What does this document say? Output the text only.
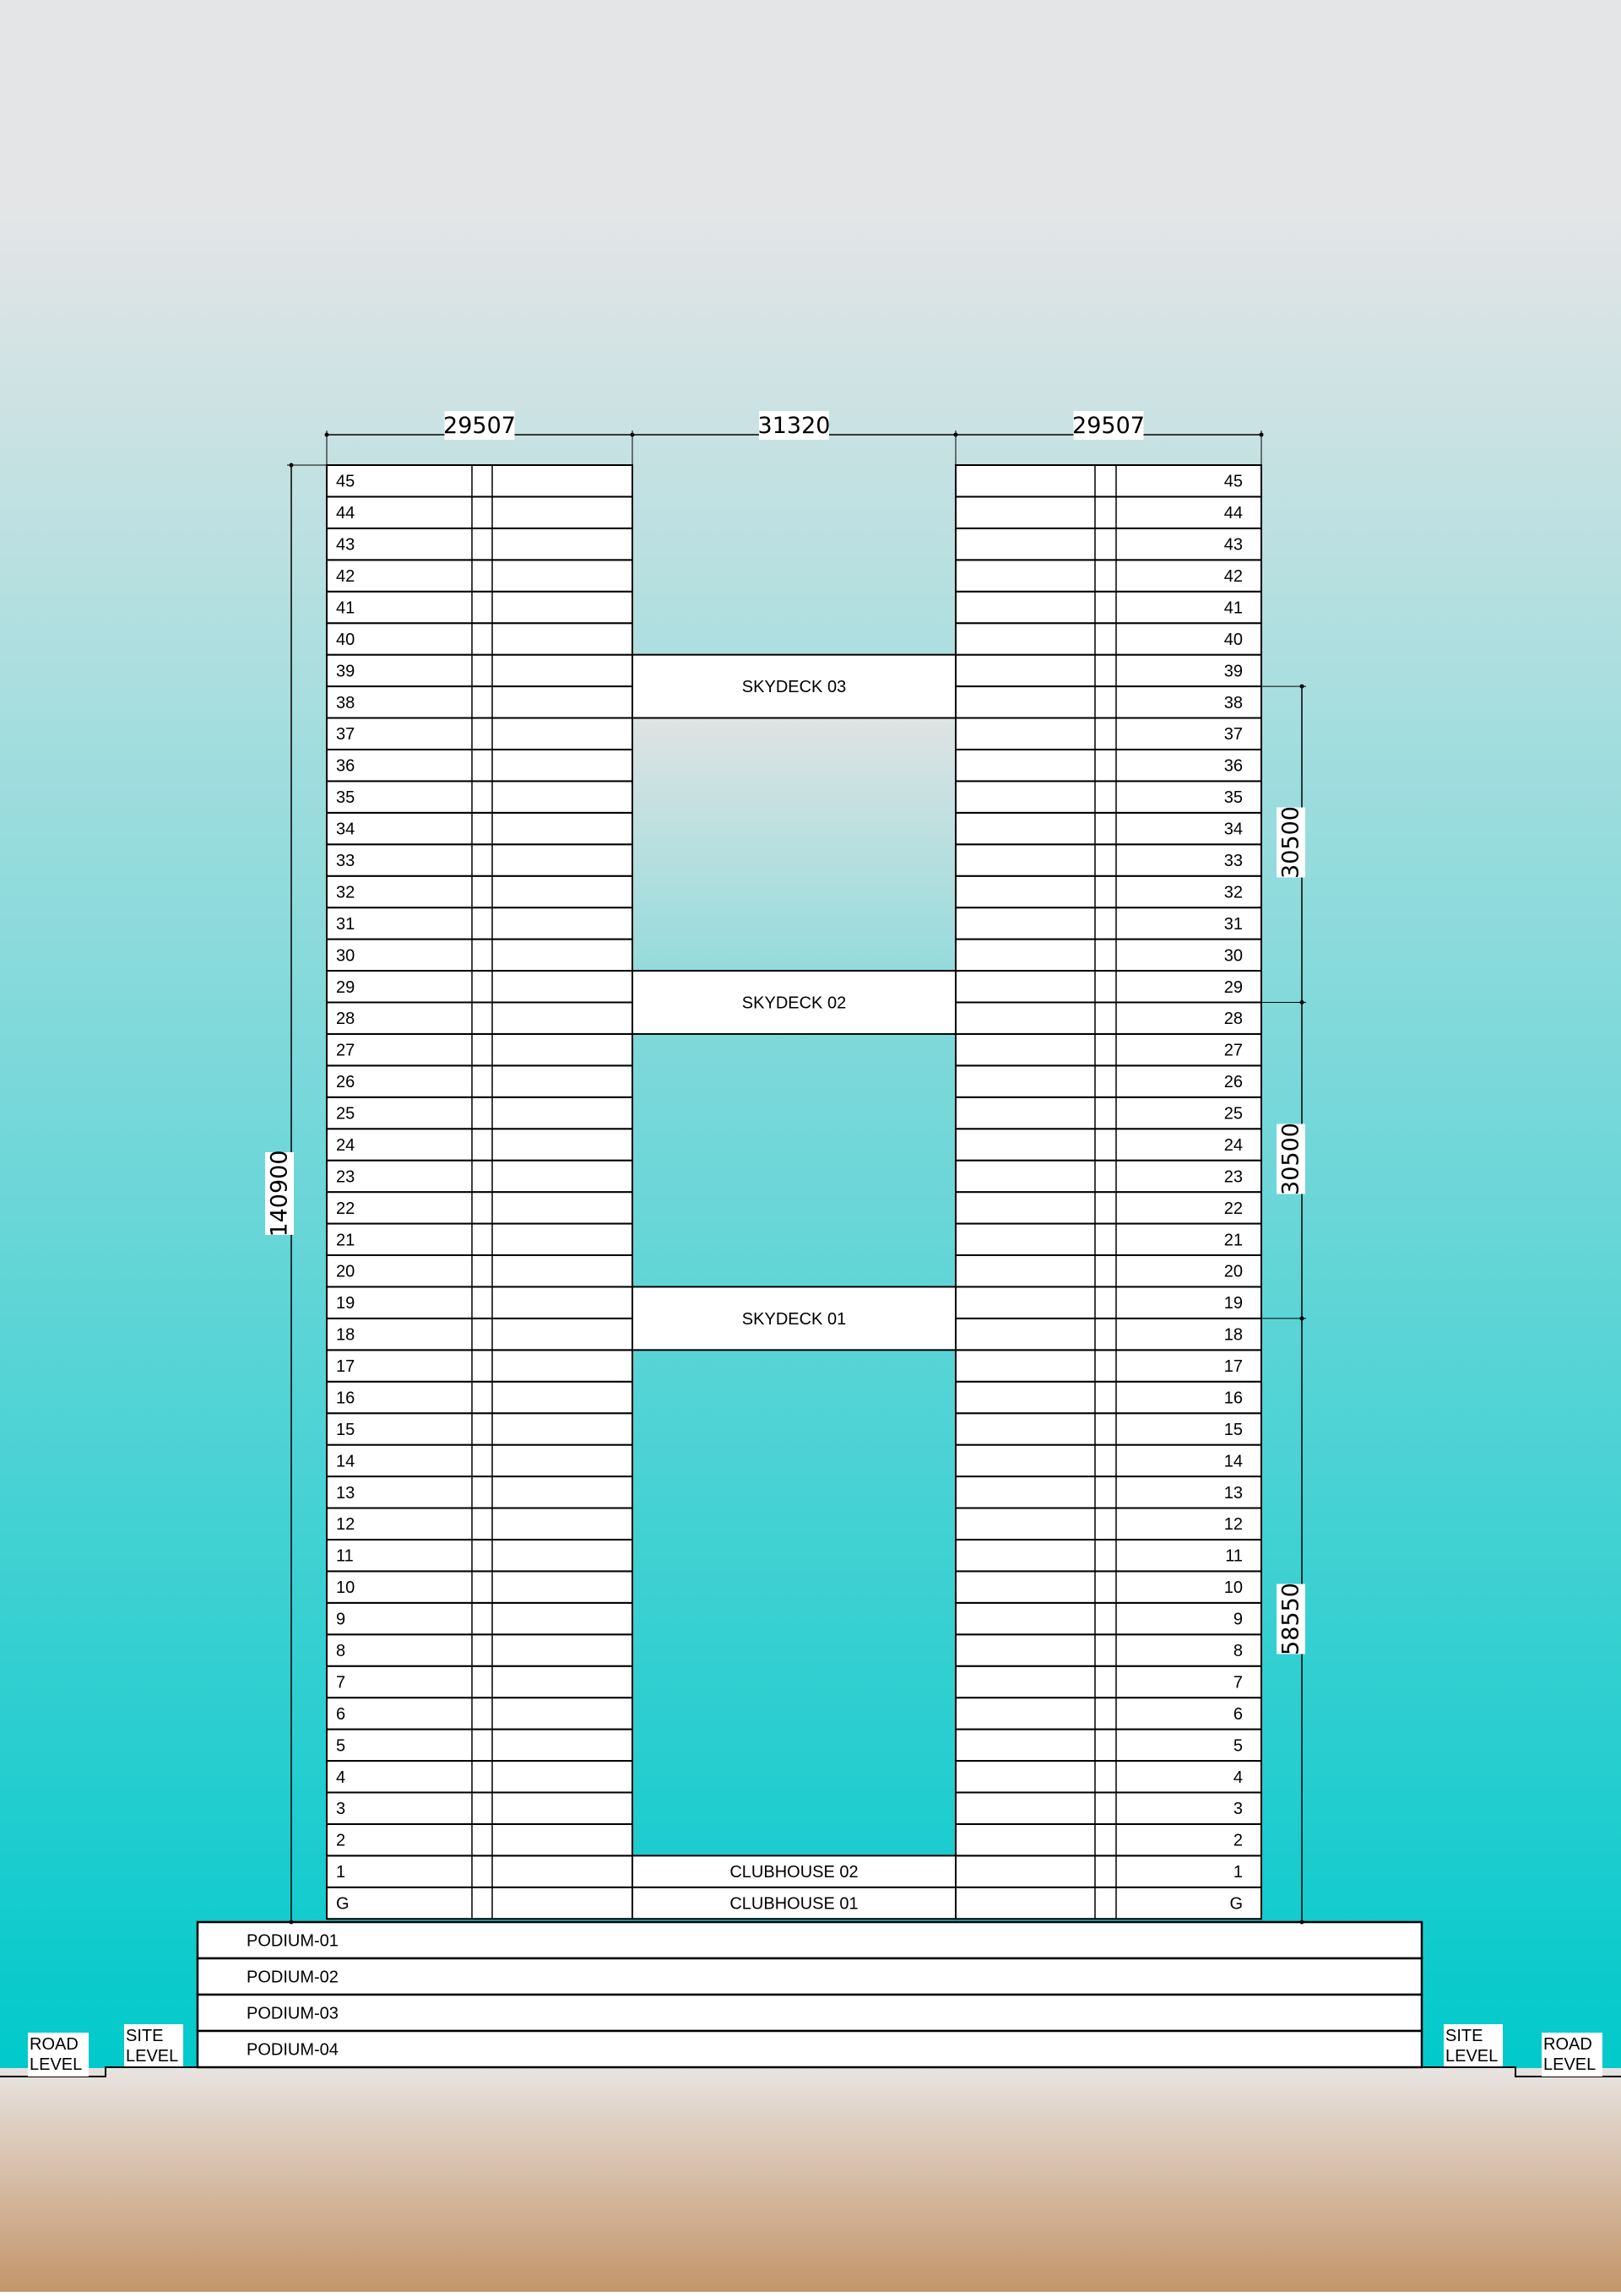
G
1
2
3
4
5
6
7
8
9
10
11
12
13
14
15
16
17
18
19
20
21
22
23
24
25
26
27
28
29
30
31
32
33
34
35
36
37
38
39
40
41
42
43
44
45
G
1
2
3
4
5
6
7
8
9
10
11
12
13
14
15
16
17
18
19
20
21
22
23
24
25
26
27
28
29
30
31
32
33
34
35
36
37
38
39
40
41
42
43
44
45
CLUBHOUSE 01
CLUBHOUSE 02
SKYDECK 01
SKYDECK 02
SKYDECK 03
PODIUM-01
PODIUM-02
PODIUM-03
PODIUM-04
ROAD
LEVEL
SITE
LEVEL
SITE
LEVEL
ROAD
LEVEL
29507	31320	29507
140900
30500
30500
58550
